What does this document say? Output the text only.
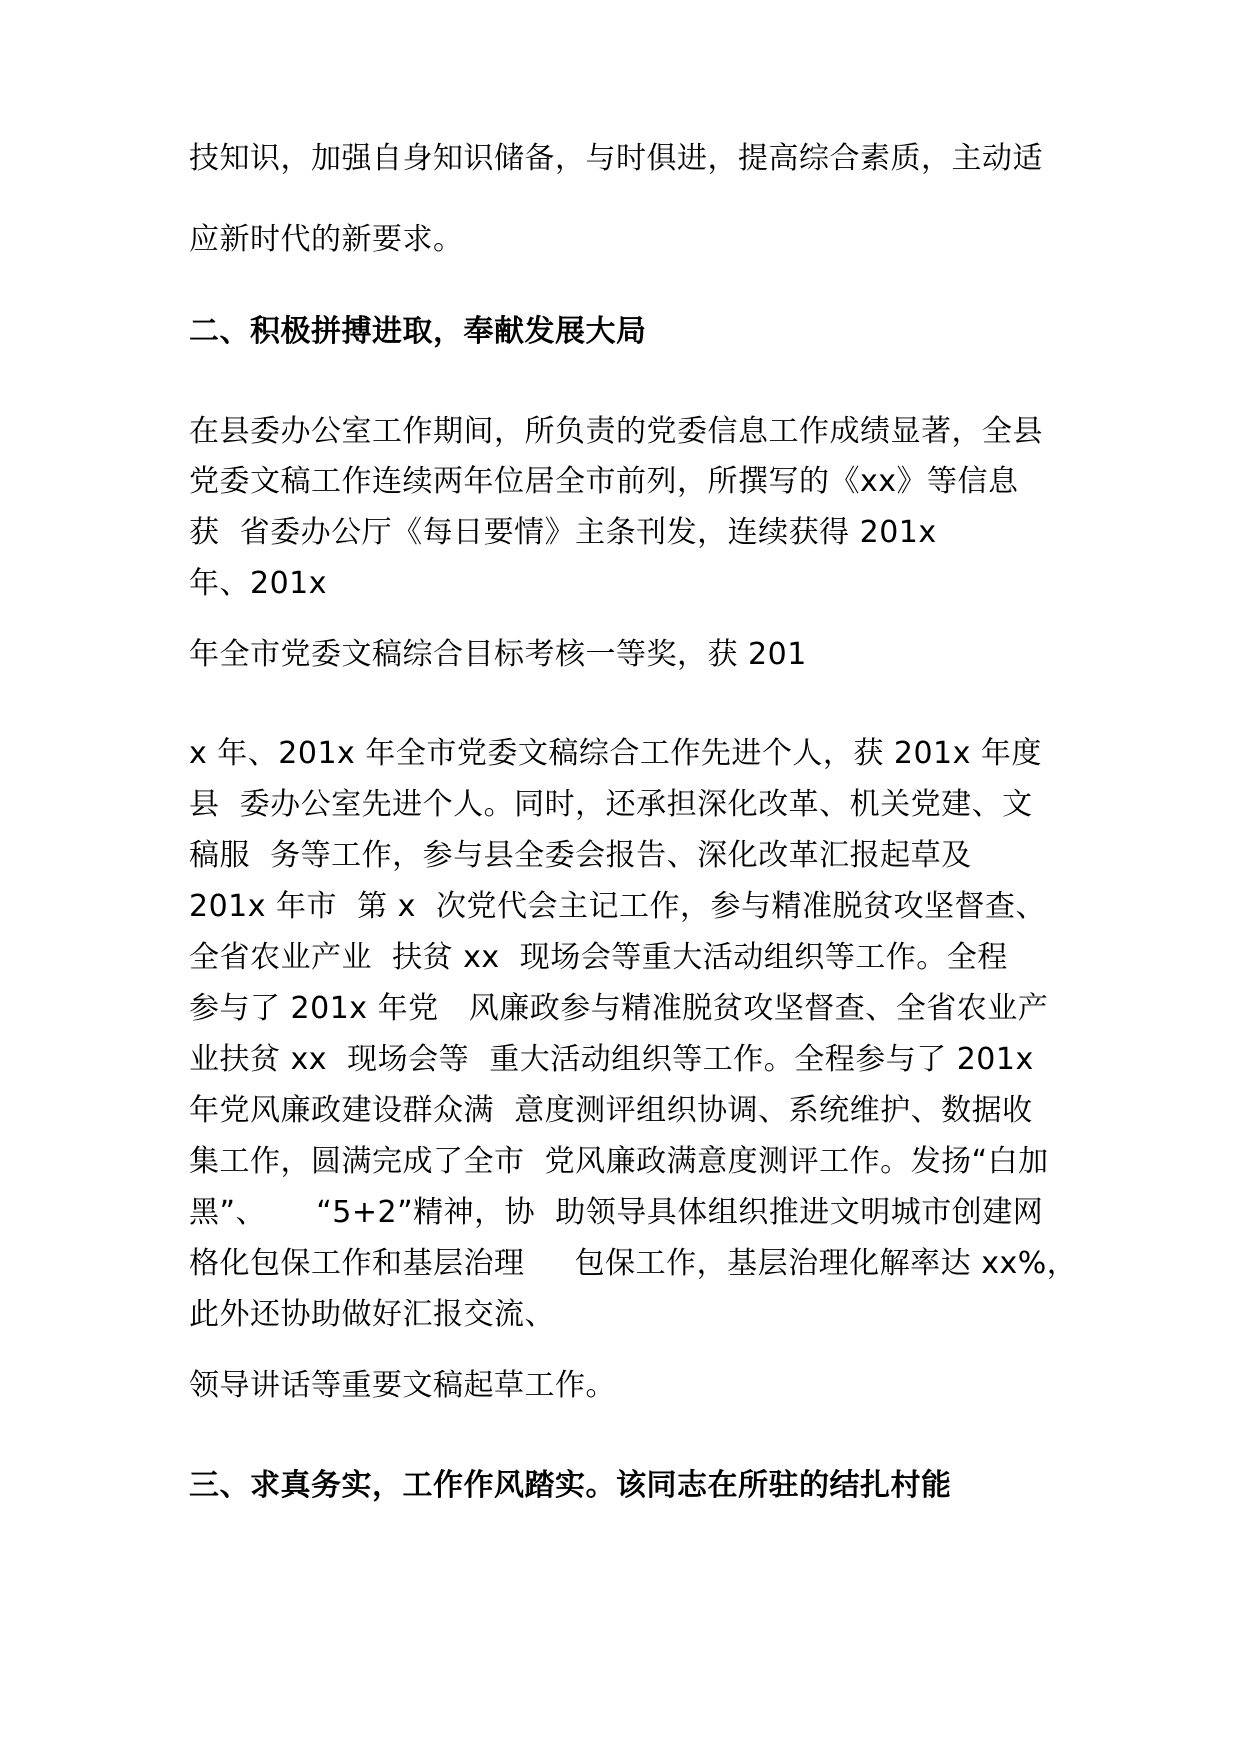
技知识，加强自身知识储备，与时俱进，提高综合素质，主动适
应新时代的新要求。
二、积极拼搏进取，奉献发展大局
在县委办公室工作期间，所负责的党委信息工作成绩显著，全县
党委文稿工作连续两年位居全市前列，所撰写的《xx》等信息
获  省委办公厅《每日要情》主条刊发，连续获得 201x
年、201x
年全市党委文稿综合目标考核一等奖，获 201
x 年、201x 年全市党委文稿综合工作先进个人，获 201x 年度
县  委办公室先进个人。同时，还承担深化改革、机关党建、文
稿服  务等工作，参与县全委会报告、深化改革汇报起草及
201x 年市  第 x  次党代会主记工作，参与精准脱贫攻坚督查、
全省农业产业  扶贫 xx  现场会等重大活动组织等工作。全程
参与了 201x 年党   风廉政参与精准脱贫攻坚督查、全省农业产
业扶贫 xx  现场会等  重大活动组织等工作。全程参与了 201x
年党风廉政建设群众满  意度测评组织协调、系统维护、数据收
集工作，圆满完成了全市  党风廉政满意度测评工作。发扬“白加
黑”、     “5+2”精神，协  助领导具体组织推进文明城市创建网
格化包保工作和基层治理     包保工作，基层治理化解率达 xx%，
此外还协助做好汇报交流、
领导讲话等重要文稿起草工作。
三、求真务实，工作作风踏实。该同志在所驻的结扎村能
